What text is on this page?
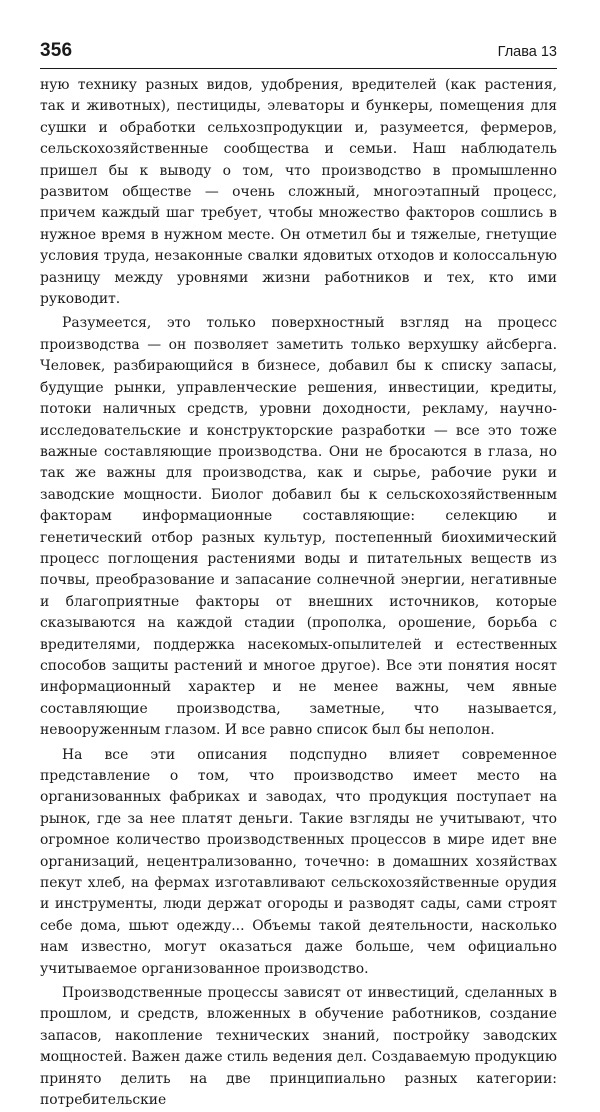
356	Глава 13

ную технику разных видов, удобрения, вредителей (как растения, так и животных), пестициды, элеваторы и бункеры, помещения для сушки и обработки сельхозпродукции и, разумеется, фермеров, сельскохозяйственные сообщества и семьи. Наш наблюдатель пришел бы к выводу о том, что производство в промышленно развитом обществе — очень сложный, многоэтапный процесс, причем каждый шаг требует, чтобы множество факторов сошлись в нужное время в нужном месте. Он отметил бы и тяжелые, гнетущие условия труда, незаконные свалки ядовитых отходов и колоссальную разницу между уровнями жизни работников и тех, кто ими руководит.

Разумеется, это только поверхностный взгляд на процесс производства — он позволяет заметить только верхушку айсберга. Человек, разбирающийся в бизнесе, добавил бы к списку запасы, будущие рынки, управленческие решения, инвестиции, кредиты, потоки наличных средств, уровни доходности, рекламу, научно-исследовательские и конструкторские разработки — все это тоже важные составляющие производства. Они не бросаются в глаза, но так же важны для производства, как и сырье, рабочие руки и заводские мощности. Биолог добавил бы к сельскохозяйственным факторам информационные составляющие: селекцию и генетический отбор разных культур, постепенный биохимический процесс поглощения растениями воды и питательных веществ из почвы, преобразование и запасание солнечной энергии, негативные и благоприятные факторы от внешних источников, которые сказываются на каждой стадии (прополка, орошение, борьба с вредителями, поддержка насекомых-опылителей и естественных способов защиты растений и многое другое). Все эти понятия носят информационный характер и не менее важны, чем явные составляющие производства, заметные, что называется, невооруженным глазом. И все равно список был бы неполон.

На все эти описания подспудно влияет современное представление о том, что производство имеет место на организованных фабриках и заводах, что продукция поступает на рынок, где за нее платят деньги. Такие взгляды не учитывают, что огромное количество производственных процессов в мире идет вне организаций, нецентрализованно, точечно: в домашних хозяйствах пекут хлеб, на фермах изготавливают сельскохозяйственные орудия и инструменты, люди держат огороды и разводят сады, сами строят себе дома, шьют одежду... Объемы такой деятельности, насколько нам известно, могут оказаться даже больше, чем официально учитываемое организованное производство.

Производственные процессы зависят от инвестиций, сделанных в прошлом, и средств, вложенных в обучение работников, создание запасов, накопление технических знаний, постройку заводских мощностей. Важен даже стиль ведения дел. Создаваемую продукцию принято делить на две принципиально разных категории: потребительские
